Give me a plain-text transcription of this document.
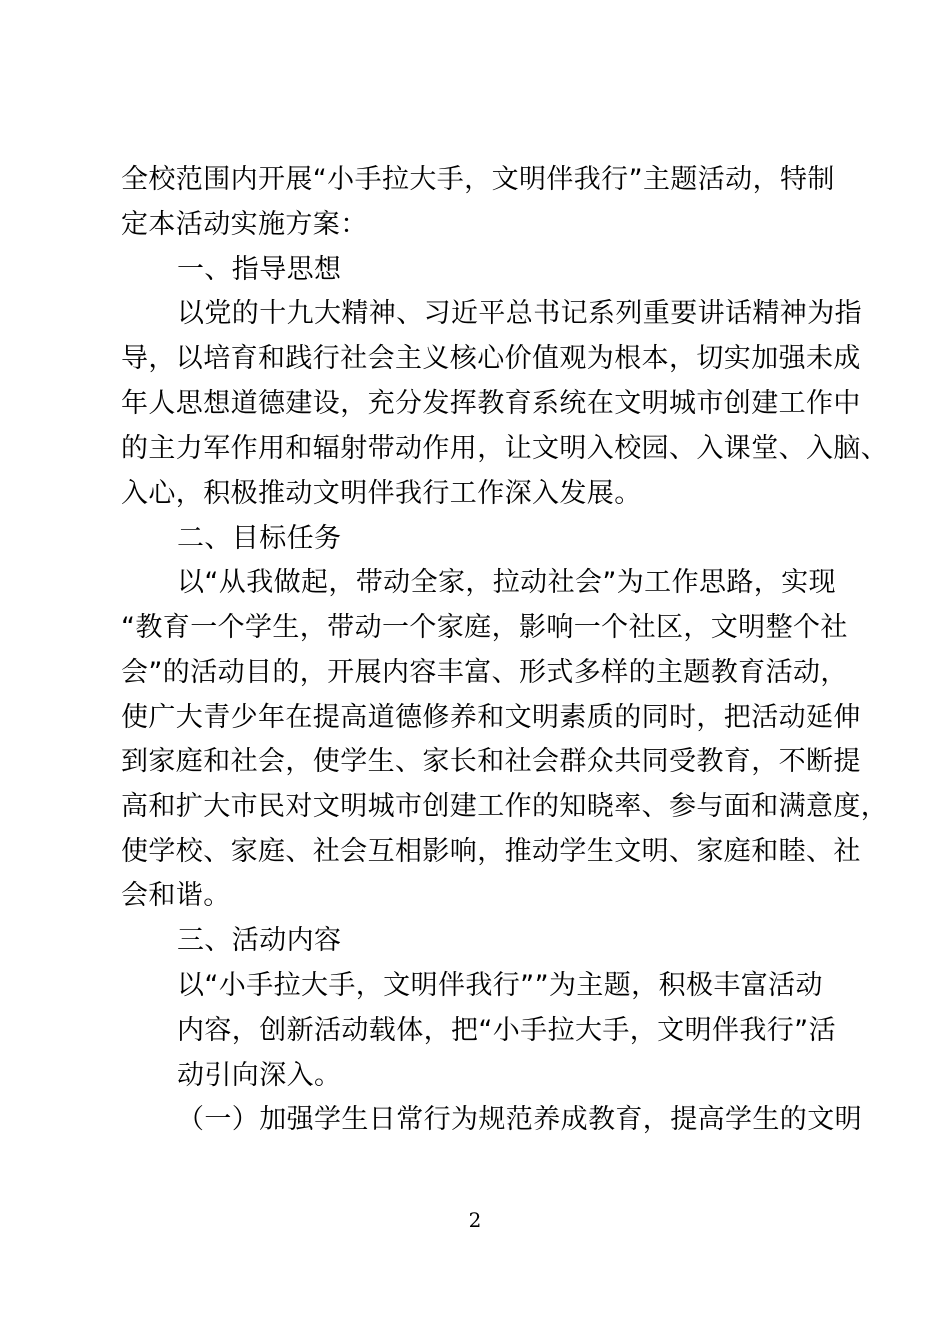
全校范围内开展“小手拉大手，文明伴我行”主题活动，特制
定本活动实施方案：
一、指导思想
以党的十九大精神、习近平总书记系列重要讲话精神为指
导，以培育和践行社会主义核心价值观为根本，切实加强未成
年人思想道德建设，充分发挥教育系统在文明城市创建工作中
的主力军作用和辐射带动作用，让文明入校园、入课堂、入脑、
入心，积极推动文明伴我行工作深入发展。
二、目标任务
以“从我做起，带动全家，拉动社会”为工作思路，实现
“教育一个学生，带动一个家庭，影响一个社区，文明整个社
会”的活动目的，开展内容丰富、形式多样的主题教育活动，
使广大青少年在提高道德修养和文明素质的同时，把活动延伸
到家庭和社会，使学生、家长和社会群众共同受教育，不断提
高和扩大市民对文明城市创建工作的知晓率、参与面和满意度，
使学校、家庭、社会互相影响，推动学生文明、家庭和睦、社
会和谐。
三、活动内容
以“小手拉大手，文明伴我行””为主题，积极丰富活动
内容，创新活动载体，把“小手拉大手，文明伴我行”活
动引向深入。
（一）加强学生日常行为规范养成教育，提高学生的文明
2
